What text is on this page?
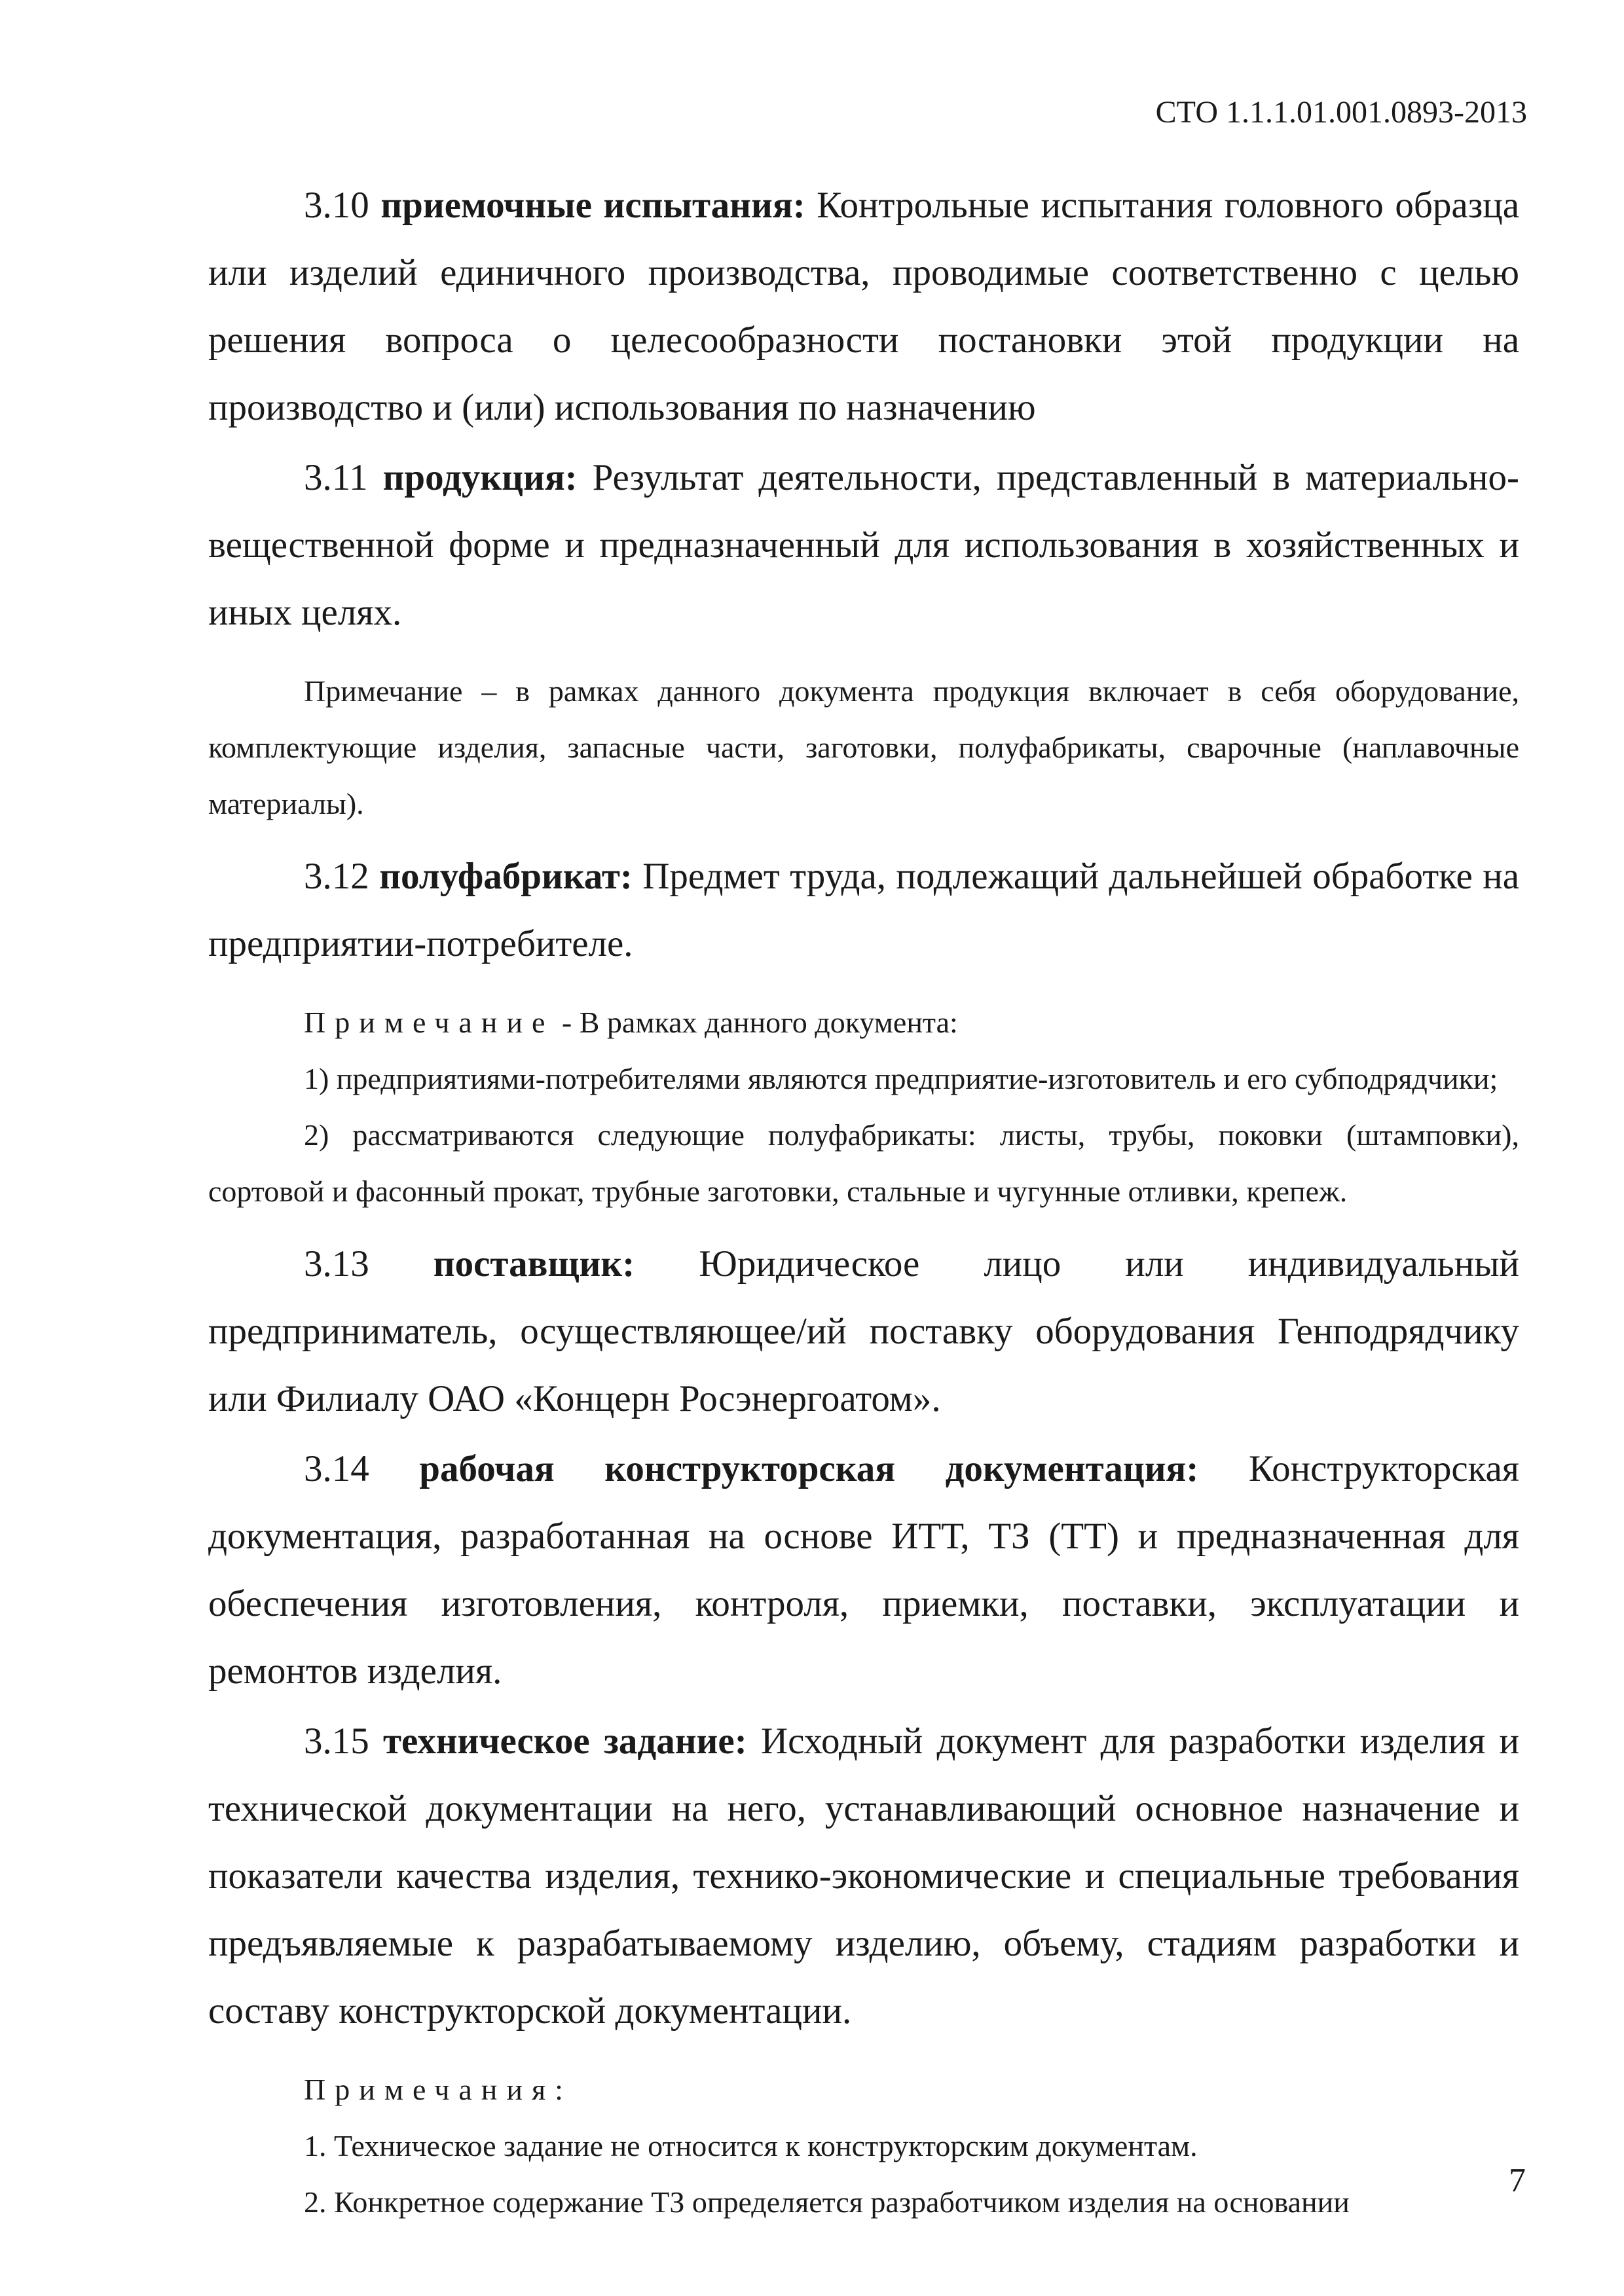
СТО 1.1.1.01.001.0893-2013

3.10 приемочные испытания: Контрольные испытания головного образца или изделий единичного производства, проводимые соответственно с целью решения вопроса о целесообразности постановки этой продукции на производство и (или) использования по назначению

3.11 продукция: Результат деятельности, представленный в материально-вещественной форме и предназначенный для использования в хозяйственных и иных целях.

Примечание – в рамках данного документа продукция включает в себя оборудование, комплектующие изделия, запасные части, заготовки, полуфабрикаты, сварочные (наплавочные материалы).

3.12 полуфабрикат: Предмет труда, подлежащий дальнейшей обработке на предприятии-потребителе.

Примечание - В рамках данного документа:

1) предприятиями-потребителями являются предприятие-изготовитель и его субподрядчики;

2) рассматриваются следующие полуфабрикаты: листы, трубы, поковки (штамповки), сортовой и фасонный прокат, трубные заготовки, стальные и чугунные отливки, крепеж.

3.13 поставщик: Юридическое лицо или индивидуальный предприниматель, осуществляющее/ий поставку оборудования Генподрядчику или Филиалу ОАО «Концерн Росэнергоатом».

3.14 рабочая конструкторская документация: Конструкторская документация, разработанная на основе ИТТ, ТЗ (ТТ) и предназначенная для обеспечения изготовления, контроля, приемки, поставки, эксплуатации и ремонтов изделия.

3.15 техническое задание: Исходный документ для разработки изделия и технической документации на него, устанавливающий основное назначение и показатели качества изделия, технико-экономические и специальные требования предъявляемые к разрабатываемому изделию, объему, стадиям разработки и составу конструкторской документации.

Примечания:

1. Техническое задание не относится к конструкторским документам.

2. Конкретное содержание ТЗ определяется разработчиком изделия на основании

7
